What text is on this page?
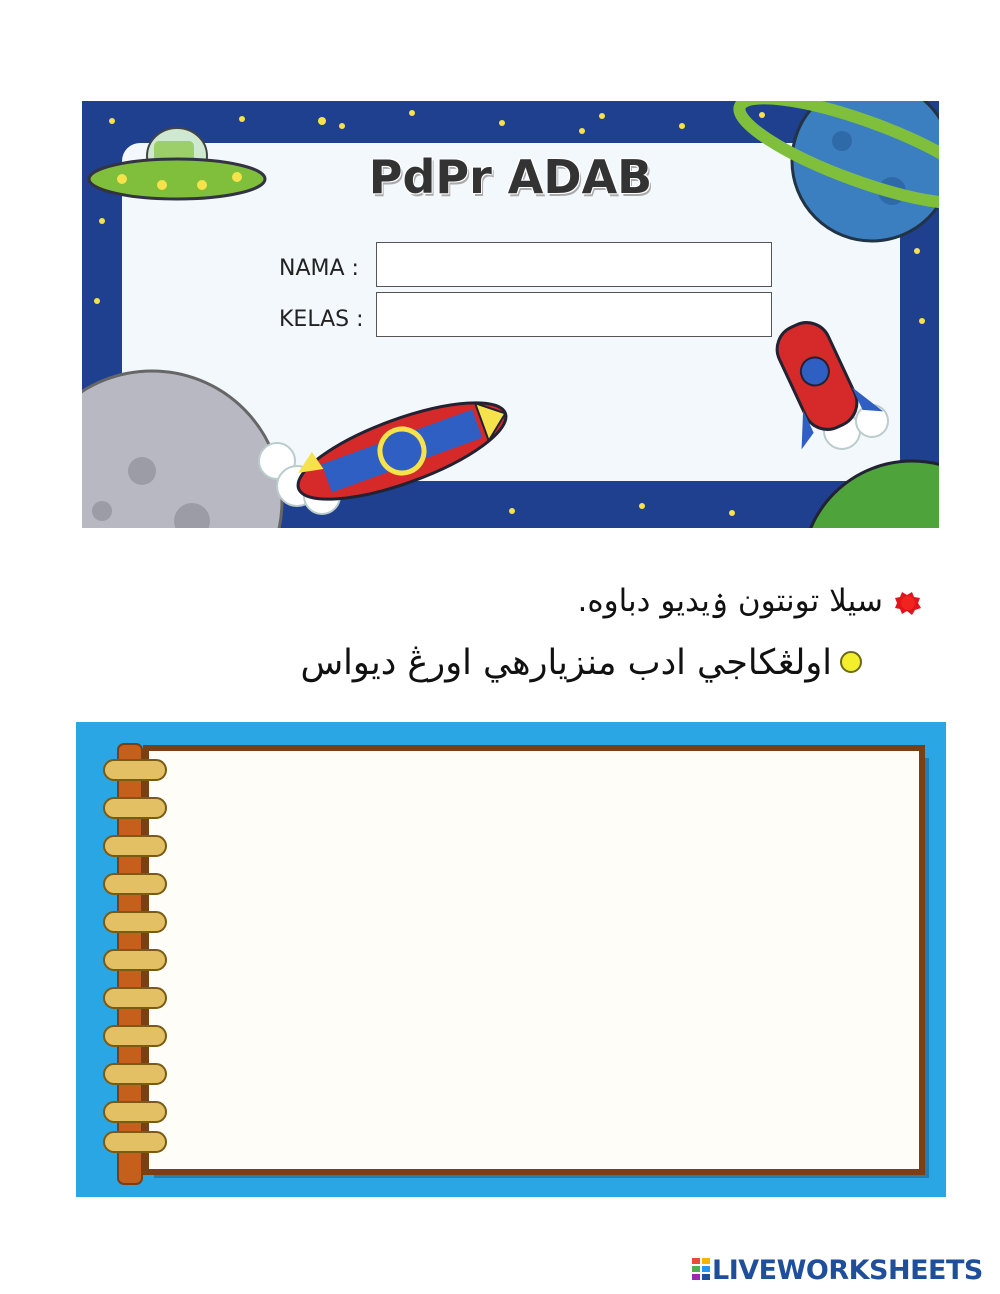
PdPr ADAB
NAMA :
KELAS :
سيلا تونتون ۏيديو دباوه.
اولڠكاجي ادب منزيارهي اورڠ ديواس
LIVEWORKSHEETS
